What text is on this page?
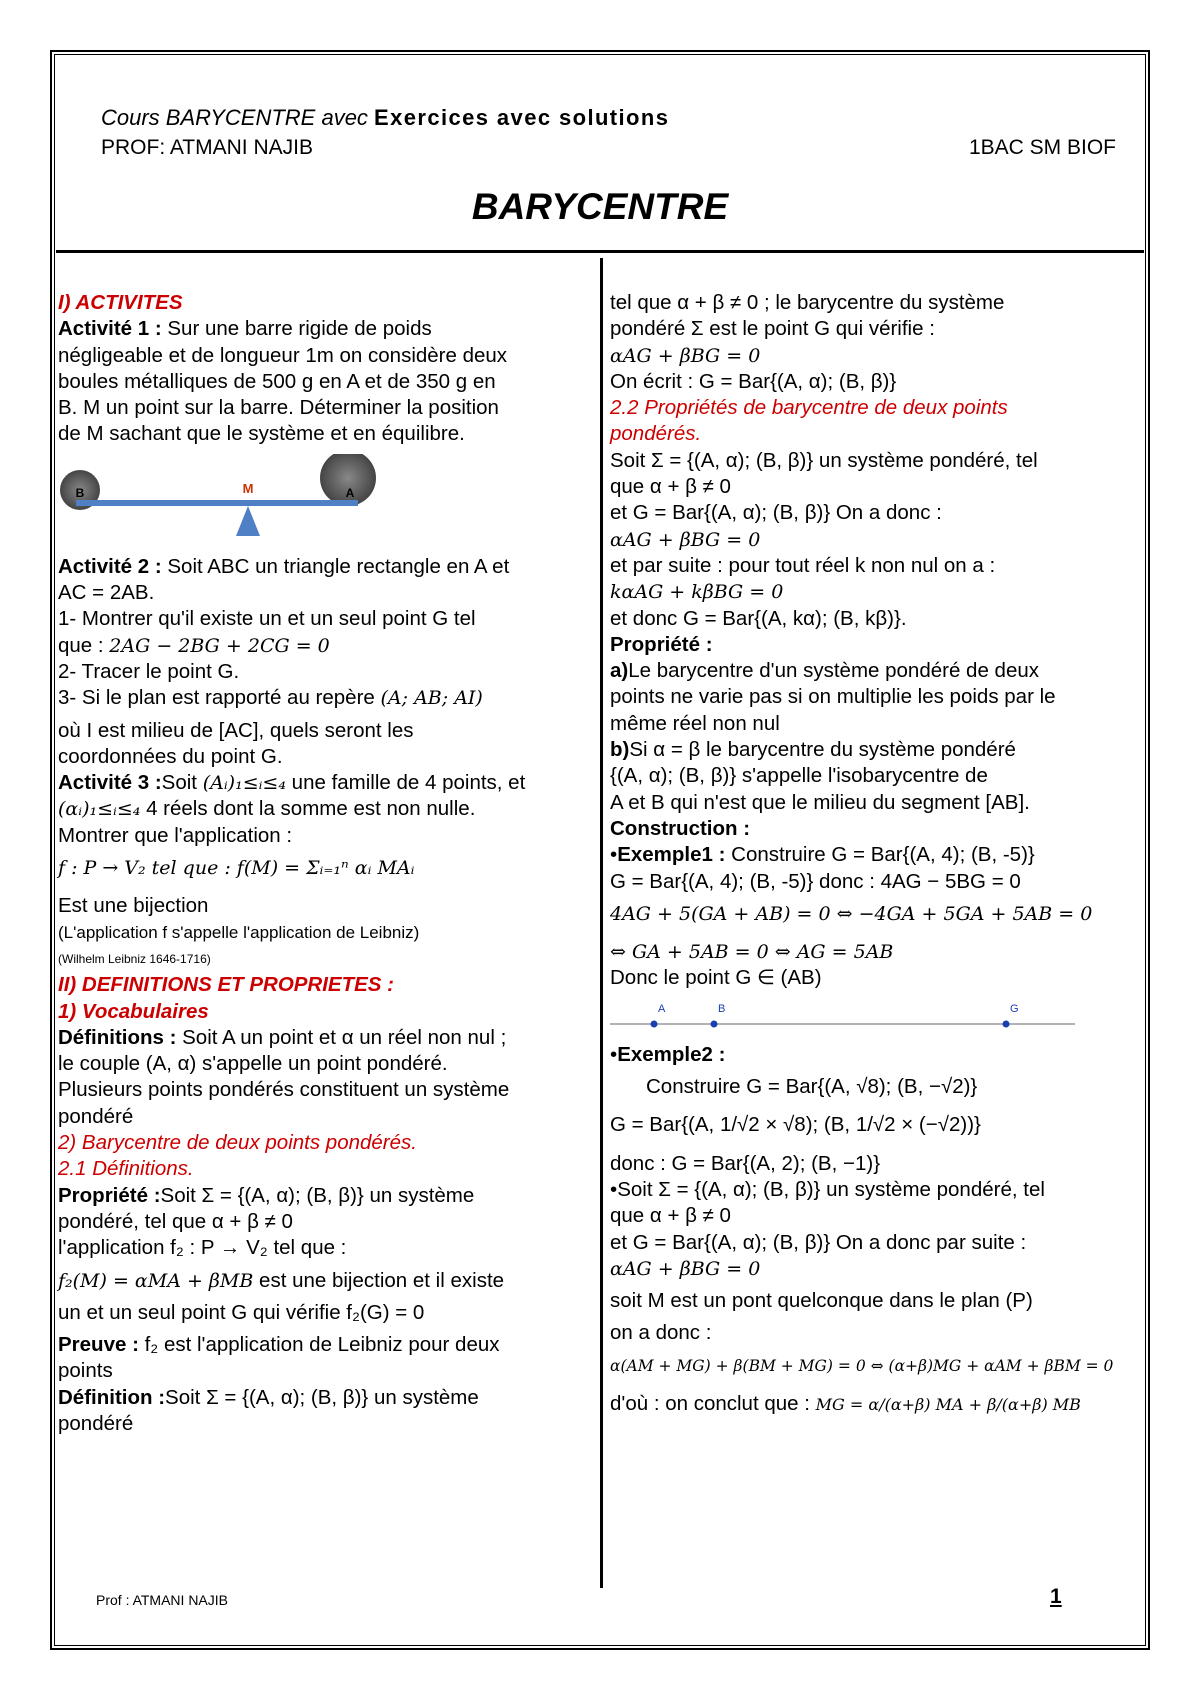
Cours BARYCENTRE avec Exercices avec solutions
PROF: ATMANI NAJIB	1BAC SM BIOF
BARYCENTRE
I) ACTIVITES
Activité 1 : Sur une barre rigide de poids
négligeable et de longueur 1m on considère deux
boules métalliques de 500 g en A et de 350 g en
B. M un point sur la barre. Déterminer la position
de M sachant que le système et en équilibre.
B	M	A
Activité 2 : Soit ABC un triangle rectangle en A et
AC = 2AB.
1- Montrer qu'il existe un et un seul point G tel
que : 2AG − 2BG + 2CG = 0
2- Tracer le point G.
3- Si le plan est rapporté au repère (A; AB; AI)
où I est milieu de [AC], quels seront les
coordonnées du point G.
Activité 3 :Soit (Aᵢ)₁≤ᵢ≤₄ une famille de 4 points, et
(αᵢ)₁≤ᵢ≤₄ 4 réels dont la somme est non nulle.
Montrer que l'application :
f : P → V₂ tel que : f(M) = Σᵢ₌₁ⁿ αᵢ MAᵢ
Est une bijection
(L'application f s'appelle l'application de Leibniz)
(Wilhelm Leibniz 1646-1716)
II) DEFINITIONS ET PROPRIETES :
1) Vocabulaires
Définitions : Soit A un point et α un réel non nul ;
le couple (A, α) s'appelle un point pondéré.
Plusieurs points pondérés constituent un système
pondéré
2) Barycentre de deux points pondérés.
2.1 Définitions.
Propriété :Soit Σ = {(A, α); (B, β)} un système
pondéré, tel que α + β ≠ 0
l'application f₂ : P → V₂ tel que :
f₂(M) = αMA + βMB est une bijection et il existe
un et un seul point G qui vérifie f₂(G) = 0
Preuve : f₂ est l'application de Leibniz pour deux
points
Définition :Soit Σ = {(A, α); (B, β)} un système
pondéré
tel que α + β ≠ 0 ; le barycentre du système
pondéré Σ est le point G qui vérifie :
αAG + βBG = 0
On écrit : G = Bar{(A, α); (B, β)}
2.2 Propriétés de barycentre de deux points
pondérés.
Soit Σ = {(A, α); (B, β)} un système pondéré, tel
que α + β ≠ 0
et G = Bar{(A, α); (B, β)} On a donc :
αAG + βBG = 0
et par suite : pour tout réel k non nul on a :
kαAG + kβBG = 0
et donc G = Bar{(A, kα); (B, kβ)}.
Propriété :
a)Le barycentre d'un système pondéré de deux
points ne varie pas si on multiplie les poids par le
même réel non nul
b)Si α = β le barycentre du système pondéré
{(A, α); (B, β)} s'appelle l'isobarycentre de
A et B qui n'est que le milieu du segment [AB].
Construction :
•Exemple1 : Construire G = Bar{(A, 4); (B, -5)}
G = Bar{(A, 4); (B, -5)} donc : 4AG − 5BG = 0
4AG + 5(GA + AB) = 0 ⇔ −4GA + 5GA + 5AB = 0
⇔ GA + 5AB = 0 ⇔ AG = 5AB
Donc le point G ∈ (AB)
A	B	G
•Exemple2 :
Construire G = Bar{(A, √8); (B, −√2)}
G = Bar{(A, 1/√2 × √8); (B, 1/√2 × (−√2))}
donc : G = Bar{(A, 2); (B, −1)}
•Soit Σ = {(A, α); (B, β)} un système pondéré, tel
que α + β ≠ 0
et G = Bar{(A, α); (B, β)} On a donc par suite :
αAG + βBG = 0
soit M est un pont quelconque dans le plan (P)
on a donc :
α(AM + MG) + β(BM + MG) = 0 ⇔ (α+β)MG + αAM + βBM = 0
d'où : on conclut que : MG = α/(α+β) MA + β/(α+β) MB
Prof : ATMANI NAJIB	1
